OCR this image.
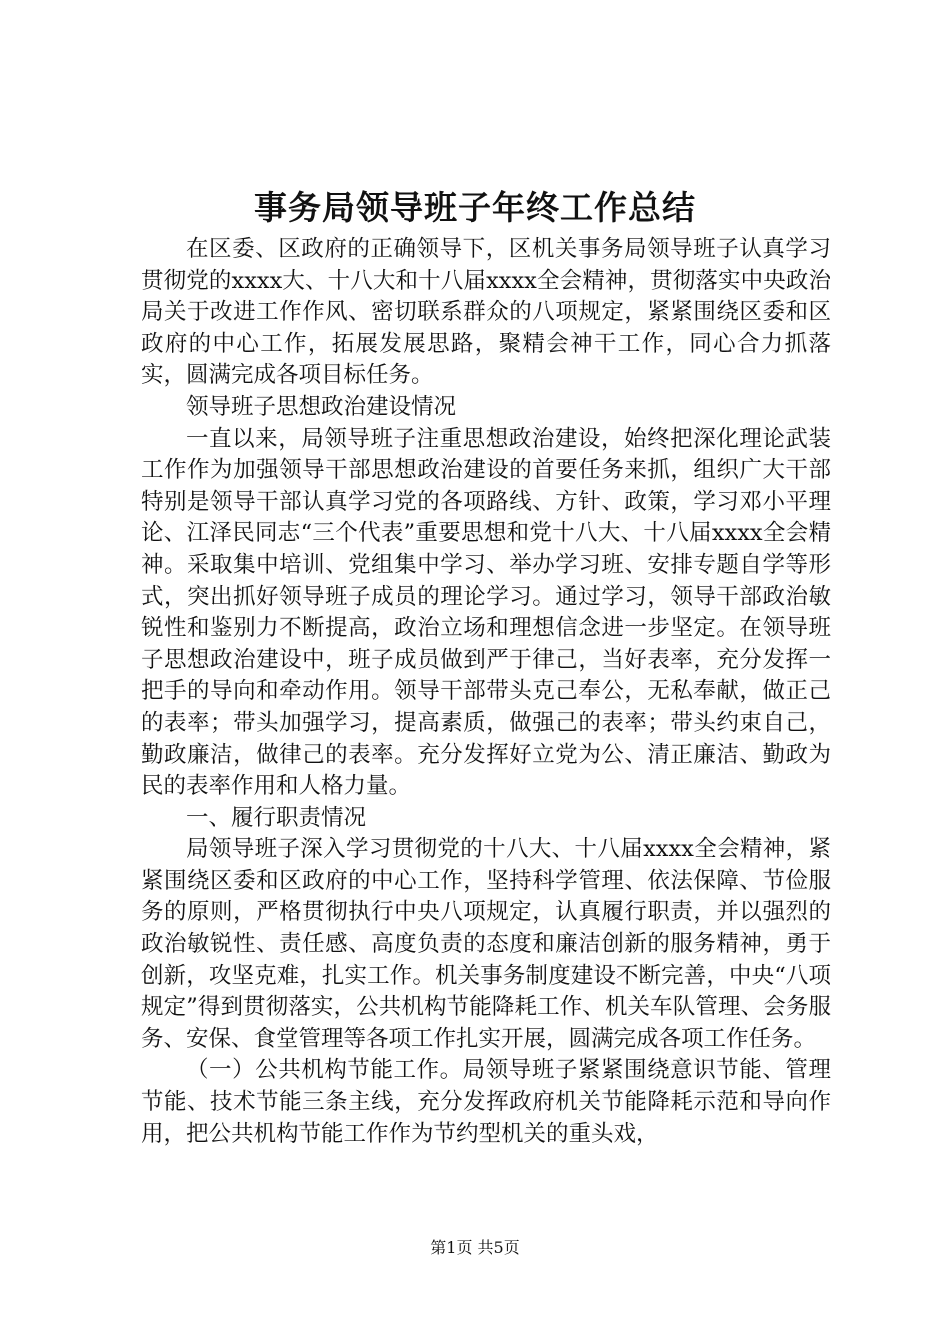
事务局领导班子年终工作总结

在区委、区政府的正确领导下，区机关事务局领导班子认真学习贯彻党的xxxx大、十八大和十八届xxxx全会精神，贯彻落实中央政治局关于改进工作作风、密切联系群众的八项规定，紧紧围绕区委和区政府的中心工作，拓展发展思路，聚精会神干工作，同心合力抓落实，圆满完成各项目标任务。

领导班子思想政治建设情况

一直以来，局领导班子注重思想政治建设，始终把深化理论武装工作作为加强领导干部思想政治建设的首要任务来抓，组织广大干部特别是领导干部认真学习党的各项路线、方针、政策，学习邓小平理论、江泽民同志“三个代表”重要思想和党十八大、十八届xxxx全会精神。采取集中培训、党组集中学习、举办学习班、安排专题自学等形式，突出抓好领导班子成员的理论学习。通过学习，领导干部政治敏锐性和鉴别力不断提高，政治立场和理想信念进一步坚定。在领导班子思想政治建设中，班子成员做到严于律己，当好表率，充分发挥一把手的导向和牵动作用。领导干部带头克己奉公，无私奉献，做正己的表率；带头加强学习，提高素质，做强己的表率；带头约束自己，勤政廉洁，做律己的表率。充分发挥好立党为公、清正廉洁、勤政为民的表率作用和人格力量。

一、履行职责情况

局领导班子深入学习贯彻党的十八大、十八届xxxx全会精神，紧紧围绕区委和区政府的中心工作，坚持科学管理、依法保障、节俭服务的原则，严格贯彻执行中央八项规定，认真履行职责，并以强烈的政治敏锐性、责任感、高度负责的态度和廉洁创新的服务精神，勇于创新，攻坚克难，扎实工作。机关事务制度建设不断完善，中央“八项规定”得到贯彻落实，公共机构节能降耗工作、机关车队管理、会务服务、安保、食堂管理等各项工作扎实开展，圆满完成各项工作任务。

（一）公共机构节能工作。局领导班子紧紧围绕意识节能、管理节能、技术节能三条主线，充分发挥政府机关节能降耗示范和导向作用，把公共机构节能工作作为节约型机关的重头戏，

第1页 共5页
